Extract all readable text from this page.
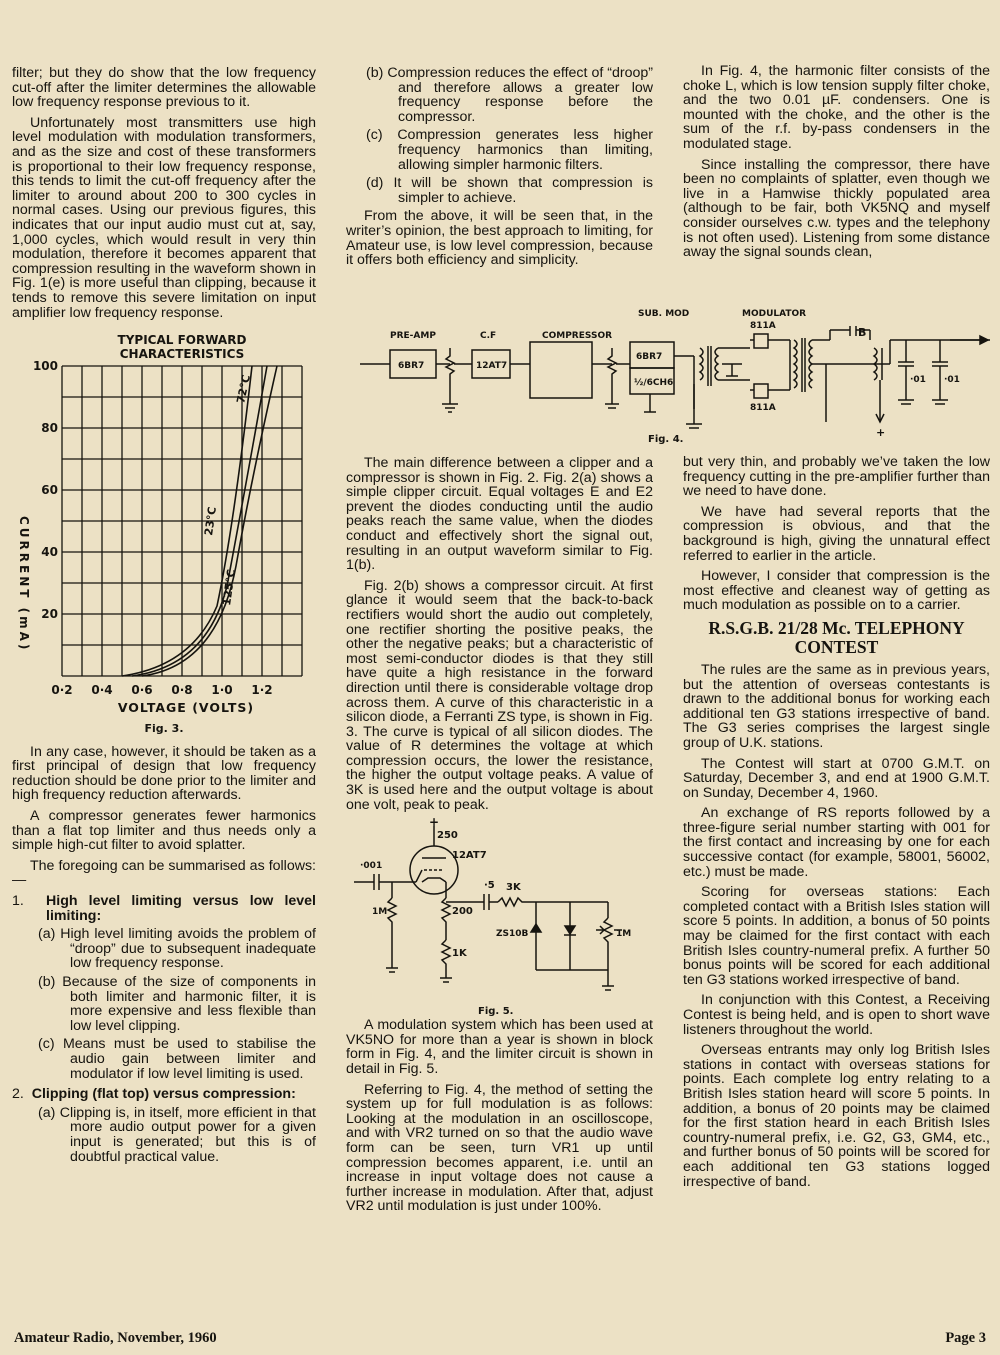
filter; but they do show that the low frequency cut-off after the limiter determines the allowable low frequency response previous to it.

Unfortunately most transmitters use high level modulation with modulation transformers, and as the size and cost of these transformers is proportional to their low frequency response, this tends to limit the cut-off frequency after the limiter to around about 200 to 300 cycles in normal cases. Using our previous figures, this indicates that our input audio must cut at, say, 1,000 cycles, which would result in very thin modulation, therefore it becomes apparent that compression resulting in the waveform shown in Fig. 1(e) is more useful than clipping, because it tends to remove this severe limitation on input amplifier low frequency response.

TYPICAL FORWARD
CHARACTERISTICS
100
80
60
40
20
0·2 0·4 0·6 0·8 1·0 1·2
72°C
23°C
125°C
CURRENT (mA)
VOLTAGE (VOLTS)
Fig. 3.

In any case, however, it should be taken as a first principal of design that low frequency reduction should be done prior to the limiter and high frequency reduction afterwards.

A compressor generates fewer harmonics than a flat top limiter and thus needs only a simple high-cut filter to avoid splatter.

The foregoing can be summarised as follows:—

1. High level limiting versus low level limiting:
(a) High level limiting avoids the problem of “droop” due to subsequent inadequate low frequency response.
(b) Because of the size of components in both limiter and harmonic filter, it is more expensive and less flexible than low level clipping.
(c) Means must be used to stabilise the audio gain between limiter and modulator if low level limiting is used.
2. Clipping (flat top) versus compression:
(a) Clipping is, in itself, more efficient in that more audio output power for a given input is generated; but this is of doubtful practical value.
(b) Compression reduces the effect of “droop” and therefore allows a greater low frequency response before the compressor.
(c) Compression generates less higher frequency harmonics than limiting, allowing simpler harmonic filters.
(d) It will be shown that compression is simpler to achieve.

From the above, it will be seen that, in the writer’s opinion, the best approach to limiting, for Amateur use, is low level compression, because it offers both efficiency and simplicity.

In Fig. 4, the harmonic filter consists of the choke L, which is low tension supply filter choke, and the two 0.01 µF. condensers. One is mounted with the choke, and the other is the sum of the r.f. by-pass condensers in the modulated stage.

Since installing the compressor, there have been no complaints of splatter, even though we live in a Hamwise thickly populated area (although to be fair, both VK5NQ and myself consider ourselves c.w. types and the telephony is not often used). Listening from some distance away the signal sounds clean,

SUB. MOD	MODULATOR
PRE-AMP	C.F	COMPRESSOR
6BR7	12AT7
6BR7
½/6CH6
811A
811A
B
·01 ·01
+
Fig. 4.

The main difference between a clipper and a compressor is shown in Fig. 2. Fig. 2(a) shows a simple clipper circuit. Equal voltages E and E2 prevent the diodes conducting until the audio peaks reach the same value, when the diodes conduct and effectively short the signal out, resulting in an output waveform similar to Fig. 1(b).

Fig. 2(b) shows a compressor circuit. At first glance it would seem that the back-to-back rectifiers would short the audio out completely, one rectifier shorting the positive peaks, the other the negative peaks; but a characteristic of most semi-conductor diodes is that they still have quite a high resistance in the forward direction until there is considerable voltage drop across them. A curve of this characteristic in a silicon diode, a Ferranti ZS type, is shown in Fig. 3. The curve is typical of all silicon diodes. The value of R determines the voltage at which compression occurs, the lower the resistance, the higher the output voltage peaks. A value of 3K is used here and the output voltage is about one volt, peak to peak.

+
250
12AT7
·001
·5 3K
1M	200
1K
ZS10B	1M
Fig. 5.

A modulation system which has been used at VK5NO for more than a year is shown in block form in Fig. 4, and the limiter circuit is shown in detail in Fig. 5.

Referring to Fig. 4, the method of setting the system up for full modulation is as follows: Looking at the modulation in an oscilloscope, and with VR2 turned on so that the audio wave form can be seen, turn VR1 up until compression becomes apparent, i.e. until an increase in input voltage does not cause a further increase in modulation. After that, adjust VR2 until modulation is just under 100%.

but very thin, and probably we’ve taken the low frequency cutting in the pre-amplifier further than we need to have done.

We have had several reports that the compression is obvious, and that the background is high, giving the unnatural effect referred to earlier in the article.

However, I consider that compression is the most effective and cleanest way of getting as much modulation as possible on to a carrier.

R.S.G.B. 21/28 Mc. TELEPHONY CONTEST

The rules are the same as in previous years, but the attention of overseas contestants is drawn to the additional bonus for working each additional ten G3 stations irrespective of band. The G3 series comprises the largest single group of U.K. stations.

The Contest will start at 0700 G.M.T. on Saturday, December 3, and end at 1900 G.M.T. on Sunday, December 4, 1960.

An exchange of RS reports followed by a three-figure serial number starting with 001 for the first contact and increasing by one for each successive contact (for example, 58001, 56002, etc.) must be made.

Scoring for overseas stations: Each completed contact with a British Isles station will score 5 points. In addition, a bonus of 50 points may be claimed for the first contact with each British Isles country-numeral prefix. A further 50 bonus points will be scored for each additional ten G3 stations worked irrespective of band.

In conjunction with this Contest, a Receiving Contest is being held, and is open to short wave listeners throughout the world.

Overseas entrants may only log British Isles stations in contact with overseas stations for points. Each complete log entry relating to a British Isles station heard will score 5 points. In addition, a bonus of 20 points may be claimed for the first station heard in each British Isles country-numeral prefix, i.e. G2, G3, GM4, etc., and further bonus of 50 points will be scored for each additional ten G3 stations logged irrespective of band.

Amateur Radio, November, 1960	Page 3
